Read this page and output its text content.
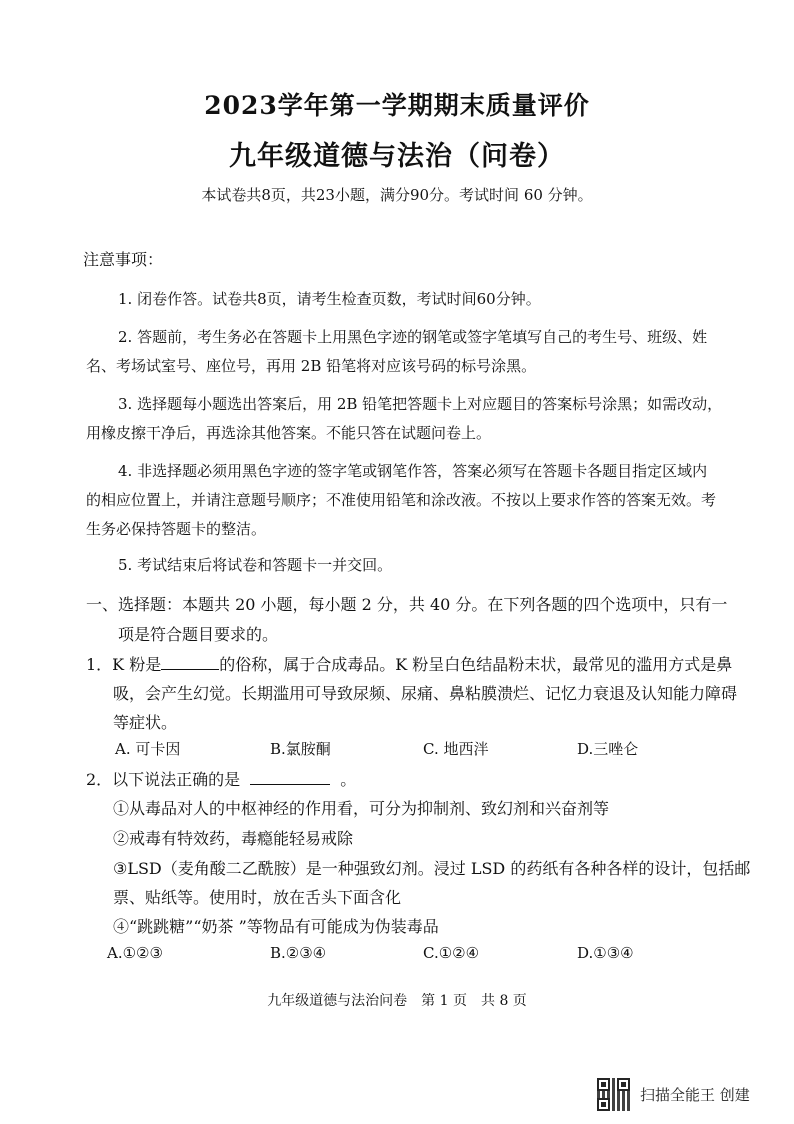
2023学年第一学期期末质量评价
九年级道德与法治（问卷）
本试卷共8页，共23小题，满分90分。考试时间 60 分钟。
注意事项：
1. 闭卷作答。试卷共8页，请考生检查页数，考试时间60分钟。
2. 答题前，考生务必在答题卡上用黑色字迹的钢笔或签字笔填写自己的考生号、班级、姓
名、考场试室号、座位号，再用 2B 铅笔将对应该号码的标号涂黑。
3. 选择题每小题选出答案后，用 2B 铅笔把答题卡上对应题目的答案标号涂黑；如需改动，
用橡皮擦干净后，再选涂其他答案。不能只答在试题问卷上。
4. 非选择题必须用黑色字迹的签字笔或钢笔作答，答案必须写在答题卡各题目指定区域内
的相应位置上，并请注意题号顺序；不准使用铅笔和涂改液。不按以上要求作答的答案无效。考
生务必保持答题卡的整洁。
5. 考试结束后将试卷和答题卡一并交回。
一、选择题：本题共 20 小题，每小题 2 分，共 40 分。在下列各题的四个选项中，只有一
项是符合题目要求的。
1．K 粉是	的俗称，属于合成毒品。K 粉呈白色结晶粉末状，最常见的滥用方式是鼻
吸，会产生幻觉。长期滥用可导致尿频、尿痛、鼻粘膜溃烂、记忆力衰退及认知能力障碍
等症状。
A. 可卡因	B.氯胺酮	C. 地西泮	D.三唑仑
2．以下说法正确的是	。
①从毒品对人的中枢神经的作用看，可分为抑制剂、致幻剂和兴奋剂等
②戒毒有特效药，毒瘾能轻易戒除
③LSD（麦角酸二乙酰胺）是一种强致幻剂。浸过 LSD 的药纸有各种各样的设计，包括邮
票、贴纸等。使用时，放在舌头下面含化
④“跳跳糖”“奶茶 ”等物品有可能成为伪装毒品
A.①②③	B.②③④	C.①②④	D.①③④
九年级道德与法治问卷　第 1 页　共 8 页
扫描全能王 创建
